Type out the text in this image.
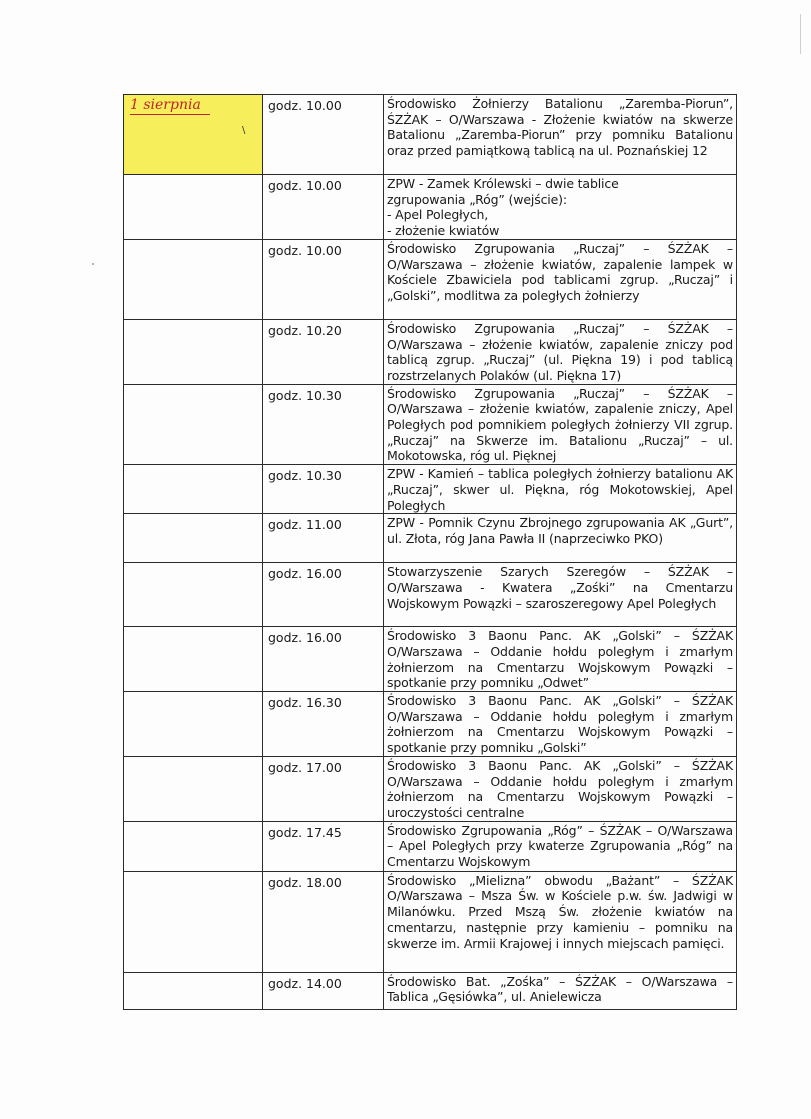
1 sierpnia
\	godz. 10.00	Środowisko Żołnierzy Batalionu „Zaremba-Piorun”, ŚZŻAK – O/Warszawa - Złożenie kwiatów na skwerze Batalionu „Zaremba-Piorun” przy pomniku Batalionu oraz przed pamiątkową tablicą na ul. Poznańskiej 12

	godz. 10.00	ZPW - Zamek Królewski – dwie tablice
zgrupowania „Róg” (wejście):
- Apel Poległych,
- złożenie kwiatów

	godz. 10.00	Środowisko Zgrupowania „Ruczaj” – ŚZŻAK – O/Warszawa – złożenie kwiatów, zapalenie lampek w Kościele Zbawiciela pod tablicami zgrup. „Ruczaj” i „Golski”, modlitwa za poległych żołnierzy

	godz. 10.20	Środowisko Zgrupowania „Ruczaj” – ŚZŻAK – O/Warszawa – złożenie kwiatów, zapalenie zniczy pod tablicą zgrup. „Ruczaj” (ul. Piękna 19) i pod tablicą rozstrzelanych Polaków (ul. Piękna 17)

	godz. 10.30	Środowisko Zgrupowania „Ruczaj” – ŚZŻAK – O/Warszawa – złożenie kwiatów, zapalenie zniczy, Apel Poległych pod pomnikiem poległych żołnierzy VII zgrup. „Ruczaj” na Skwerze im. Batalionu „Ruczaj” – ul. Mokotowska, róg ul. Pięknej

	godz. 10.30	ZPW - Kamień – tablica poległych żołnierzy batalionu AK „Ruczaj”, skwer ul. Piękna, róg Mokotowskiej, Apel Poległych

	godz. 11.00	ZPW - Pomnik Czynu Zbrojnego zgrupowania AK „Gurt”, ul. Złota, róg Jana Pawła II (naprzeciwko PKO)

	godz. 16.00	Stowarzyszenie Szarych Szeregów – ŚZŻAK – O/Warszawa - Kwatera „Zośki” na Cmentarzu Wojskowym Powązki – szaroszeregowy Apel Poległych

	godz. 16.00	Środowisko 3 Baonu Panc. AK „Golski” – ŚZŻAK O/Warszawa – Oddanie hołdu poległym i zmarłym żołnierzom na Cmentarzu Wojskowym Powązki – spotkanie przy pomniku „Odwet”

	godz. 16.30	Środowisko 3 Baonu Panc. AK „Golski” – ŚZŻAK O/Warszawa – Oddanie hołdu poległym i zmarłym żołnierzom na Cmentarzu Wojskowym Powązki – spotkanie przy pomniku „Golski”

	godz. 17.00	Środowisko 3 Baonu Panc. AK „Golski” – ŚZŻAK O/Warszawa – Oddanie hołdu poległym i zmarłym żołnierzom na Cmentarzu Wojskowym Powązki – uroczystości centralne

	godz. 17.45	Środowisko Zgrupowania „Róg” – ŚZŻAK – O/Warszawa – Apel Poległych przy kwaterze Zgrupowania „Róg” na Cmentarzu Wojskowym

	godz. 18.00	Środowisko „Mielizna” obwodu „Bażant” – ŚZŻAK O/Warszawa – Msza Św. w Kościele p.w. św. Jadwigi w Milanówku. Przed Mszą Św. złożenie kwiatów na cmentarzu, następnie przy kamieniu – pomniku na skwerze im. Armii Krajowej i innych miejscach pamięci.

	godz. 14.00	Środowisko Bat. „Zośka” – ŚZŻAK – O/Warszawa – Tablica „Gęsiówka”, ul. Anielewicza
